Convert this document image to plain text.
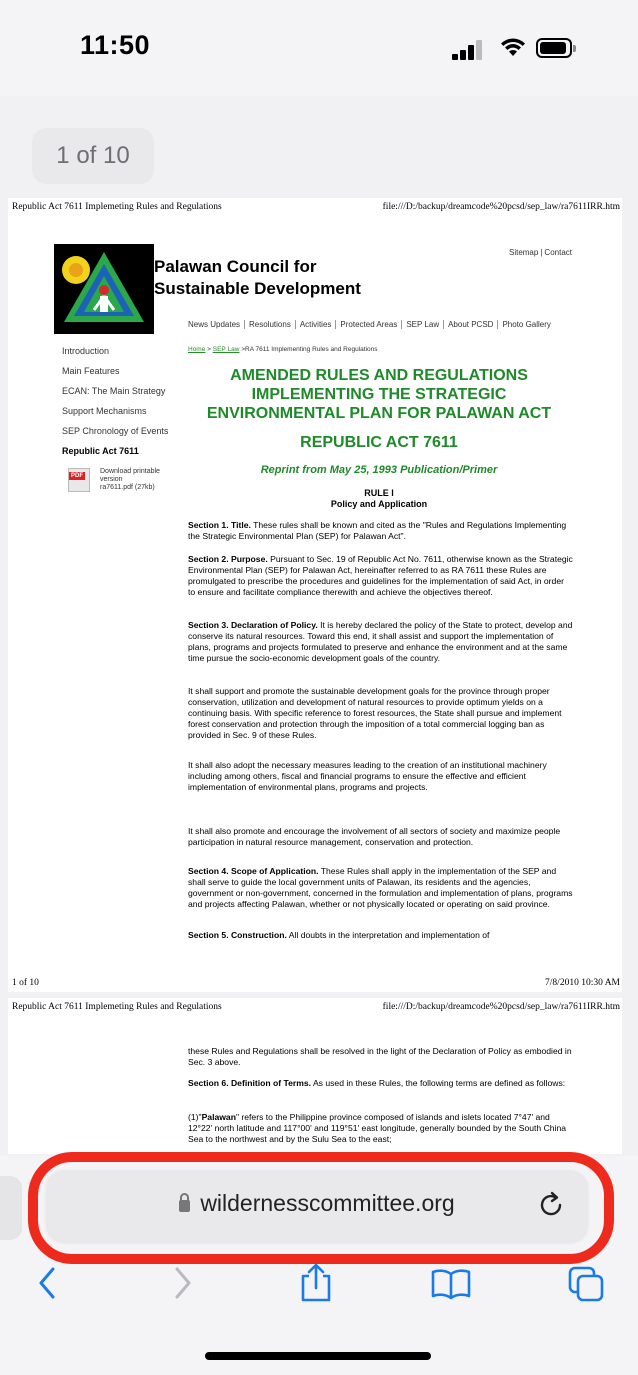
11:50
1 of 10
Republic Act 7611 Implemeting Rules and Regulations	file:///D:/backup/dreamcode%20pcsd/sep_law/ra7611IRR.htm
Palawan Council for
Sustainable Development
Sitemap | Contact
News Updates Resolutions Activities Protected Areas SEP Law About PCSD Photo Gallery
Introduction
Main Features
ECAN: The Main Strategy
Support Mechanisms
SEP Chronology of Events
Republic Act 7611
PDF
Download printable
version
ra7611.pdf (27kb)
Home > SEP Law >RA 7611 Implementing Rules and Regulations
AMENDED RULES AND REGULATIONS
IMPLEMENTING THE STRATEGIC
ENVIRONMENTAL PLAN FOR PALAWAN ACT
REPUBLIC ACT 7611
Reprint from May 25, 1993 Publication/Primer
RULE I
Policy and Application
Section 1. Title. These rules shall be known and cited as the "Rules and Regulations Implementing the Strategic Environmental Plan (SEP) for Palawan Act".
Section 2. Purpose. Pursuant to Sec. 19 of Republic Act No. 7611, otherwise known as the Strategic Environmental Plan (SEP) for Palawan Act, hereinafter referred to as RA 7611 these Rules are promulgated to prescribe the procedures and guidelines for the implementation of said Act, in order to ensure and facilitate compliance therewith and achieve the objectives thereof.
Section 3. Declaration of Policy. It is hereby declared the policy of the State to protect, develop and conserve its natural resources. Toward this end, it shall assist and support the implementation of plans, programs and projects formulated to preserve and enhance the environment and at the same time pursue the socio-economic development goals of the country.
It shall support and promote the sustainable development goals for the province through proper conservation, utilization and development of natural resources to provide optimum yields on a continuing basis. With specific reference to forest resources, the State shall pursue and implement forest conservation and protection through the imposition of a total commercial logging ban as provided in Sec. 9 of these Rules.
It shall also adopt the necessary measures leading to the creation of an institutional machinery including among others, fiscal and financial programs to ensure the effective and efficient implementation of environmental plans, programs and projects.
It shall also promote and encourage the involvement of all sectors of society and maximize people participation in natural resource management, conservation and protection.
Section 4. Scope of Application. These Rules shall apply in the implementation of the SEP and shall serve to guide the local government units of Palawan, its residents and the agencies, government or non-government, concerned in the formulation and implementation of plans, programs and projects affecting Palawan, whether or not physically located or operating on said province.
Section 5. Construction. All doubts in the interpretation and implementation of
1 of 10	7/8/2010 10:30 AM
Republic Act 7611 Implemeting Rules and Regulations	file:///D:/backup/dreamcode%20pcsd/sep_law/ra7611IRR.htm
these Rules and Regulations shall be resolved in the light of the Declaration of Policy as embodied in Sec. 3 above.
Section 6. Definition of Terms. As used in these Rules, the following terms are defined as follows:
(1)"Palawan" refers to the Philippine province composed of islands and islets located 7°47' and 12°22' north latitude and 117°00' and 119°51' east longitude, generally bounded by the South China Sea to the northwest and by the Sulu Sea to the east;
wildernesscommittee.org
